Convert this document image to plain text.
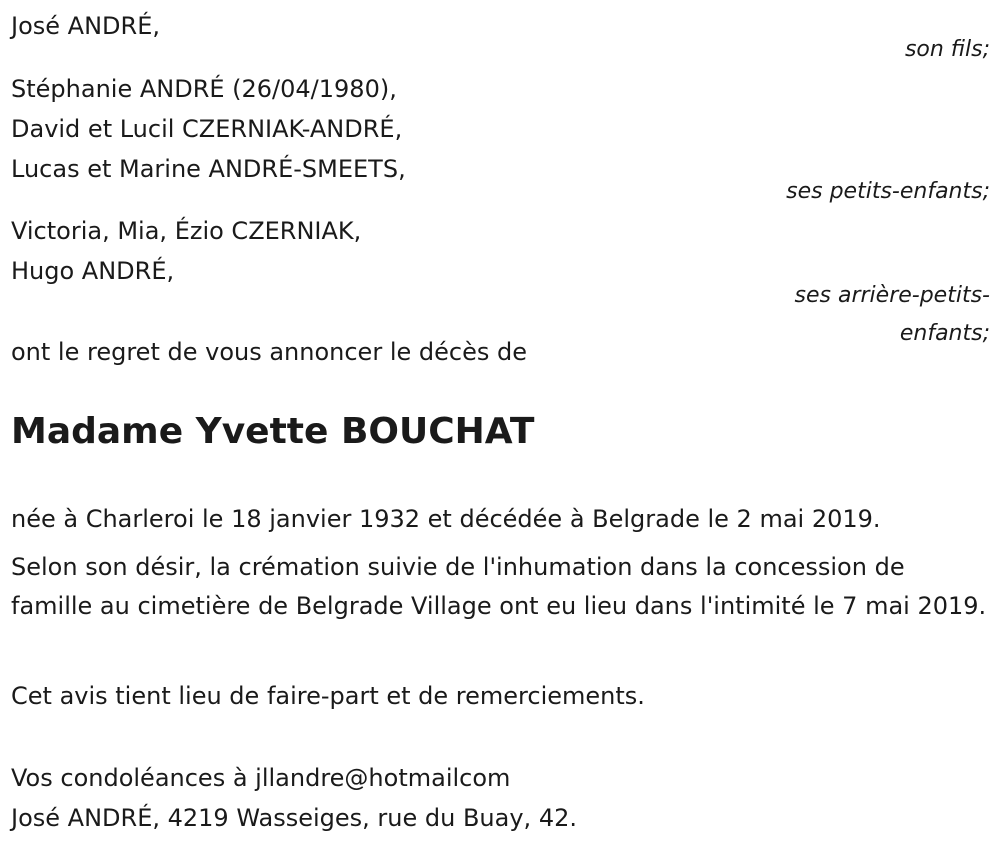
José ANDRÉ,
son fils;
Stéphanie ANDRÉ (26/04/1980),
David et Lucil CZERNIAK-ANDRÉ,
Lucas et Marine ANDRÉ-SMEETS,
ses petits-enfants;
Victoria, Mia, Ézio CZERNIAK,
Hugo ANDRÉ,
ses arrière-petits-
enfants;
ont le regret de vous annoncer le décès de
Madame Yvette BOUCHAT
née à Charleroi le 18 janvier 1932 et décédée à Belgrade le 2 mai 2019.
Selon son désir, la crémation suivie de l'inhumation dans la concession de famille au cimetière de Belgrade Village ont eu lieu dans l'intimité le 7 mai 2019.
Cet avis tient lieu de faire-part et de remerciements.
Vos condoléances à jllandre@hotmailcom
José ANDRÉ, 4219 Wasseiges, rue du Buay, 42.
